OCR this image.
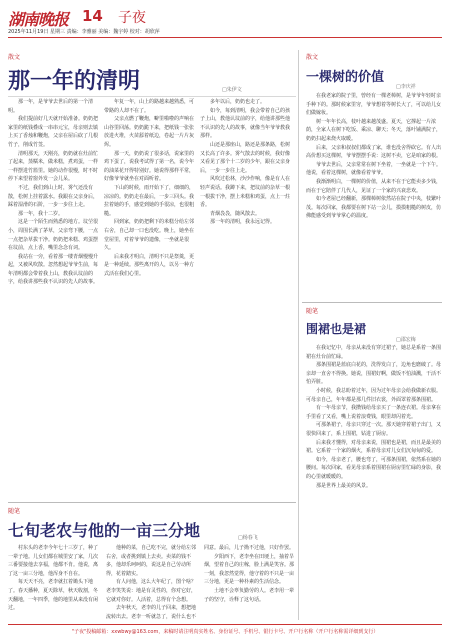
湖南晚报 14 子夜
2025年11月19日 星期三 责编：李雅丽 美编：魏宇婷 校对：胡欣萍
散文
那一年的清明	□朱伊文

那一年，是爷爷去世后的第一个清明。

我们提前好几天就开始准备。奶奶把家里的纸钱叠成一串串元宝，母亲则去镇上买了香烛和鞭炮，父亲在屋后砍了几根竹子，削成竹签。

清明那天，天刚亮，奶奶就在灶前忙了起来，蒸糯米，做米糕，煮鸡蛋，一样一样摆进竹篮里。她的动作很慢，时不时停下来望着窗外发一会儿呆。

不过，我们到山上时，雾气还没有散，松树上挂着露水。我跟在父亲身后，踩着湿滑的石阶，一步一步往上走。

那一年，我十二岁。

这是一个陌生而熟悉的地方。坟茔很小，周围长满了茅草，父亲弯下腰，一点一点把杂草拔干净。奶奶把米糕、鸡蛋摆在坟前，点上香，嘴里念念有词。

我站在一旁，看着那一缕青烟慢慢升起，又被风吹散。忽然想起爷爷生前，每年清明都会带着我上山，教我认坟前的字，给我讲那些我不认识的先人的故事。

年复一年，山上的路越来越熟悉，可带路的人却不在了。

父亲点燃了鞭炮，噼里啪啦的声响在山谷里回荡。奶奶跪下来，把纸钱一张张放进火堆，火苗舔着纸边，卷起一片片灰烬。

那一天，奶奶说了很多话，说家里的鸡下蛋了，说我考试得了第一名，说今年的油菜花开得特别好。她说得那样平常，好像爷爷就坐在对面听着。

下山的时候，雨开始下了，细细的，凉凉的。奶奶走在最后，一步三回头。我拉着她的手，感觉到她的手很凉，也很粗糙。

回到家，奶奶把剩下的米糕分给左邻右舍，自己却一口也没吃。晚上，她坐在堂屋里，对着爷爷的遗像，一坐就是很久。

后来我才明白，清明不只是祭奠，更是一种延续。那些离开的人，以另一种方式活在我们心里。

多年以后，奶奶也走了。

如今，每到清明，我会带着自己的孩子上山，教他认坟前的字，给他讲那些他不认识的先人的故事，就像当年爷爷教我那样。

山还是那座山，路还是那条路，松树又长高了许多。雾气散去的时候，我好像又看见了那个十二岁的少年，跟在父亲身后，一步一步往上走。

风吹过松林，沙沙作响，像是有人在轻声说话。我蹲下来，把坟前的杂草一根一根拔干净，摆上米糕和鸡蛋，点上一炷香。

青烟袅袅，随风散去。

那一年的清明，我永远记得。

散文
一棵树的价值
□李庆祥

在我老家的院子里，曾经有一棵老樟树，是爷爷年轻时亲手种下的。那时候家里穷，爷爷想着等树长大了，可以给儿女们做嫁妆。

树一年年长高，枝叶越来越茂盛。夏天，它撑起一片浓荫，全家人在树下吃饭、乘凉、聊天；冬天，落叶铺满院子，奶奶扫起来烧火取暖。

后来，父亲和叔叔们都成了家，谁也没舍得砍它。有人出高价想买这棵树，爷爷摆摆手说：这树不卖，它是咱家的根。

爷爷去世后，父亲常常在树下坐着，一坐就是一个下午。他说，看着这棵树，就像看着爷爷。

我渐渐明白，一棵树的价值，从来不在于它能卖多少钱，而在于它陪伴了几代人，见证了一个家的兴衰悲欢。

如今老屋已经翻新，那棵樟树依然站在院子中央，枝繁叶茂。每次回家，我都要在树下站一会儿，摸摸粗糙的树皮，仿佛能感受到爷爷掌心的温度。

随笔
围裙也是裙
□邵宏梅

在我记忆中，母亲从来没有穿过裙子，她总是系着一条围裙在灶台前忙碌。

那条围裙是蓝底白花的，洗得发白了，边角也磨破了。母亲却一直舍不得换。她说，围裙好啊，做饭不怕油溅，干活不怕弄脏。

小时候，我总盼着过年，因为过年母亲会给我做新衣服。可母亲自己，年年都是那几件旧衣裳，外面罩着那条围裙。

有一年母亲节，我攒钱给母亲买了一条连衣裙。母亲拿在手里看了又看，嘴上说着浪费钱，眼里却闪着光。

可那条裙子，母亲只穿过一次。那天她穿着裙子出门，又很快回来了，系上围裙，钻进了厨房。

后来我才懂得，对母亲来说，围裙也是裙，而且是最美的裙。它系着一个家的烟火，系着母亲对儿女们沉甸甸的爱。

如今，母亲老了，腰也弯了，可那条围裙，依然系在她的腰间。每次回家，看见母亲系着围裙在厨房里忙碌的身影，我的心里就暖暖的。

那是世界上最美的风景。

随笔
七旬老农与他的一亩三分地	□杨春飞

村东头的老李今年七十三岁了，种了一辈子地。儿女们都在城里安了家，几次三番要接他去享福，他都不肯。他说，离了这一亩三分地，他浑身不自在。

每天天不亮，老李就扛着锄头下地了。春天播种，夏天除草，秋天收割，冬天翻地，一年四季，他的地里从来没有闲过。

他种的菜，自己吃不完，就分给左邻右舍，或者挑到镇上去卖。卖菜的钱不多，他却乐呵呵的，说这是自己劳动所得，花着踏实。

有人问他，这么大年纪了，图个啥？老李笑笑说：地是有灵性的，你对它好，它就对你好。人活着，总得有个念想。

去年秋天，老李的儿子回来，想把地流转出去。老李一听就急了，说什么也不同意。最后，儿子拗不过他，只好作罢。

夕阳西下，老李坐在田埂上，抽着旱烟，望着自己的庄稼，脸上满是笑容。那一刻，我忽然觉得，他守着的不只是一亩三分地，更是一种朴素的生活信念。

土地不会辜负勤劳的人。老李用一辈子的坚守，诠释了这句话。

"子夜"投稿邮箱：xxwbwy@163.com，来稿时请注明真实姓名、身份证号、手机号、银行卡号、开户行名称（开户行名称需详细到支行）
